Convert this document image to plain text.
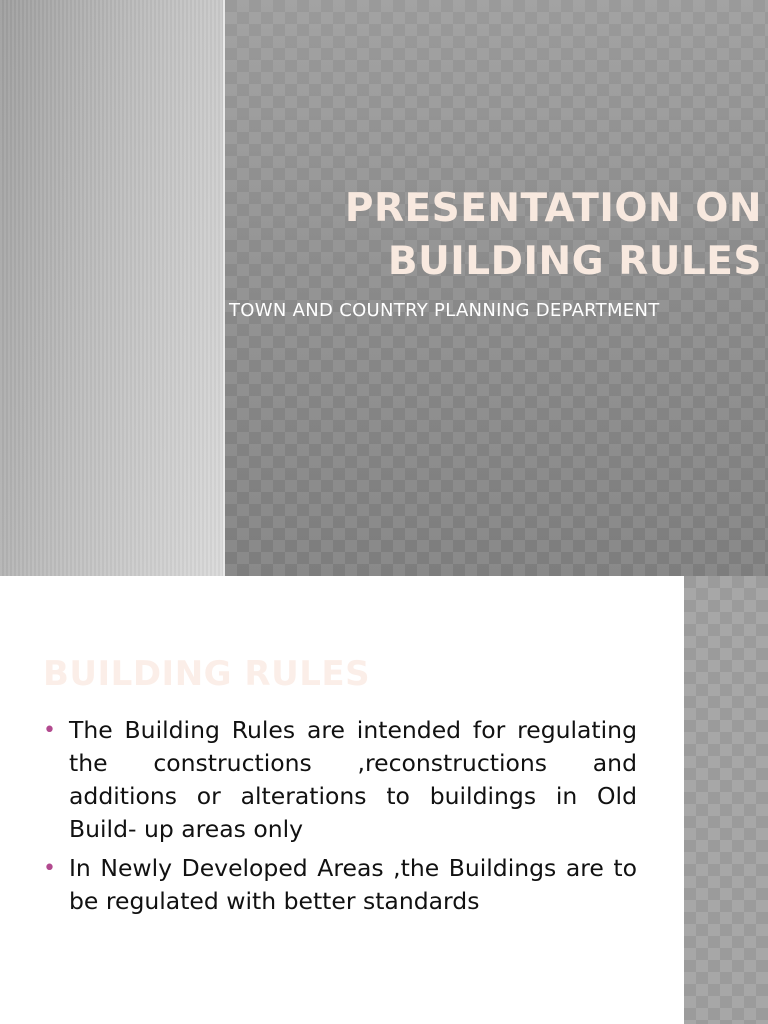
PRESENTATION ON
BUILDING RULES
TOWN AND COUNTRY PLANNING DEPARTMENT
BUILDING RULES
• The Building Rules are intended for regulating the constructions ,reconstructions and additions or alterations to buildings in Old Build- up areas only
• In Newly Developed Areas ,the Buildings are to be regulated with better standards
